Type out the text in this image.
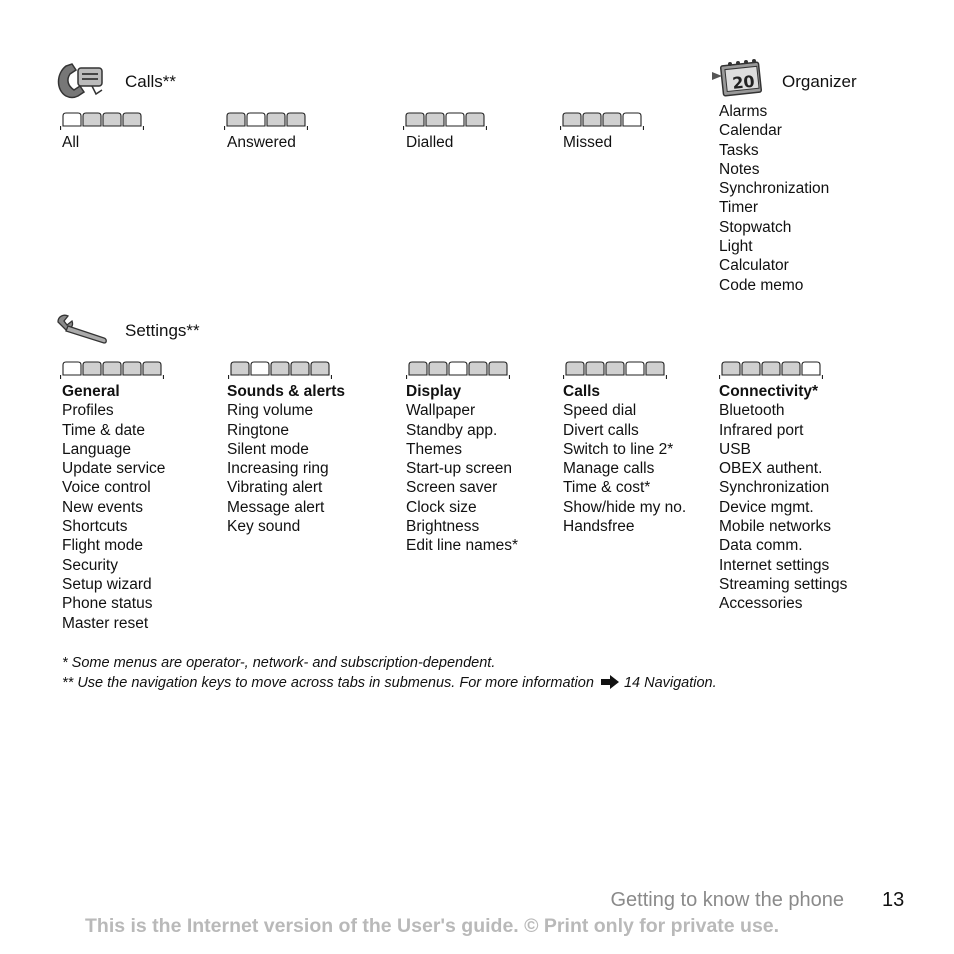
Calls**
All	Answered	Dialled	Missed
20 Organizer
Alarms
Calendar
Tasks
Notes
Synchronization
Timer
Stopwatch
Light
Calculator
Code memo
Settings**
General
Profiles
Time & date
Language
Update service
Voice control
New events
Shortcuts
Flight mode
Security
Setup wizard
Phone status
Master reset
Sounds & alerts
Ring volume
Ringtone
Silent mode
Increasing ring
Vibrating alert
Message alert
Key sound
Display
Wallpaper
Standby app.
Themes
Start-up screen
Screen saver
Clock size
Brightness
Edit line names*
Calls
Speed dial
Divert calls
Switch to line 2*
Manage calls
Time & cost*
Show/hide my no.
Handsfree
Connectivity*
Bluetooth
Infrared port
USB
OBEX authent.
Synchronization
Device mgmt.
Mobile networks
Data comm.
Internet settings
Streaming settings
Accessories
* Some menus are operator-, network- and subscription-dependent.
** Use the navigation keys to move across tabs in submenus. For more information 14 Navigation.
Getting to know the phone 13
This is the Internet version of the User's guide. © Print only for private use.
